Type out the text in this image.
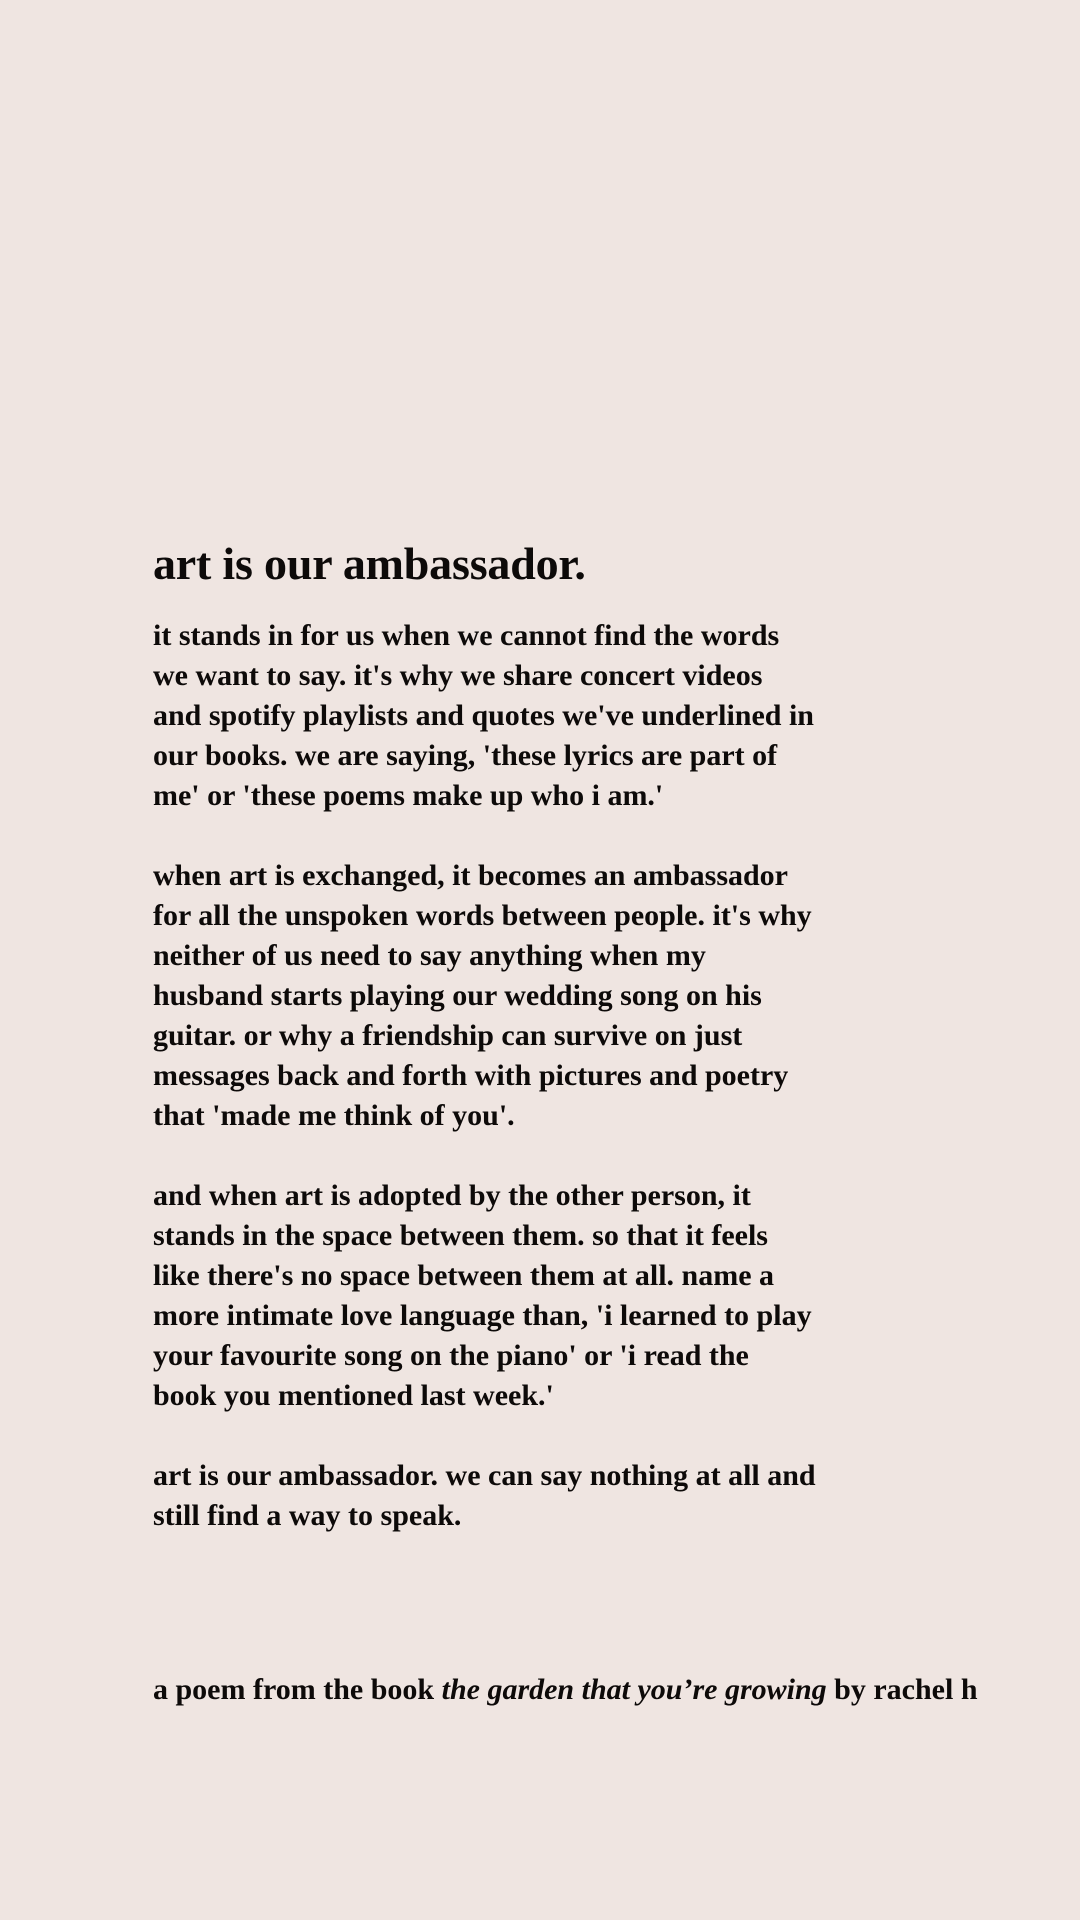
art is our ambassador.

it stands in for us when we cannot find the words
we want to say. it's why we share concert videos
and spotify playlists and quotes we've underlined in
our books. we are saying, 'these lyrics are part of
me' or 'these poems make up who i am.'

when art is exchanged, it becomes an ambassador
for all the unspoken words between people. it's why
neither of us need to say anything when my
husband starts playing our wedding song on his
guitar. or why a friendship can survive on just
messages back and forth with pictures and poetry
that 'made me think of you'.

and when art is adopted by the other person, it
stands in the space between them. so that it feels
like there's no space between them at all. name a
more intimate love language than, 'i learned to play
your favourite song on the piano' or 'i read the
book you mentioned last week.'

art is our ambassador. we can say nothing at all and
still find a way to speak.

a poem from the book the garden that you’re growing by rachel h
